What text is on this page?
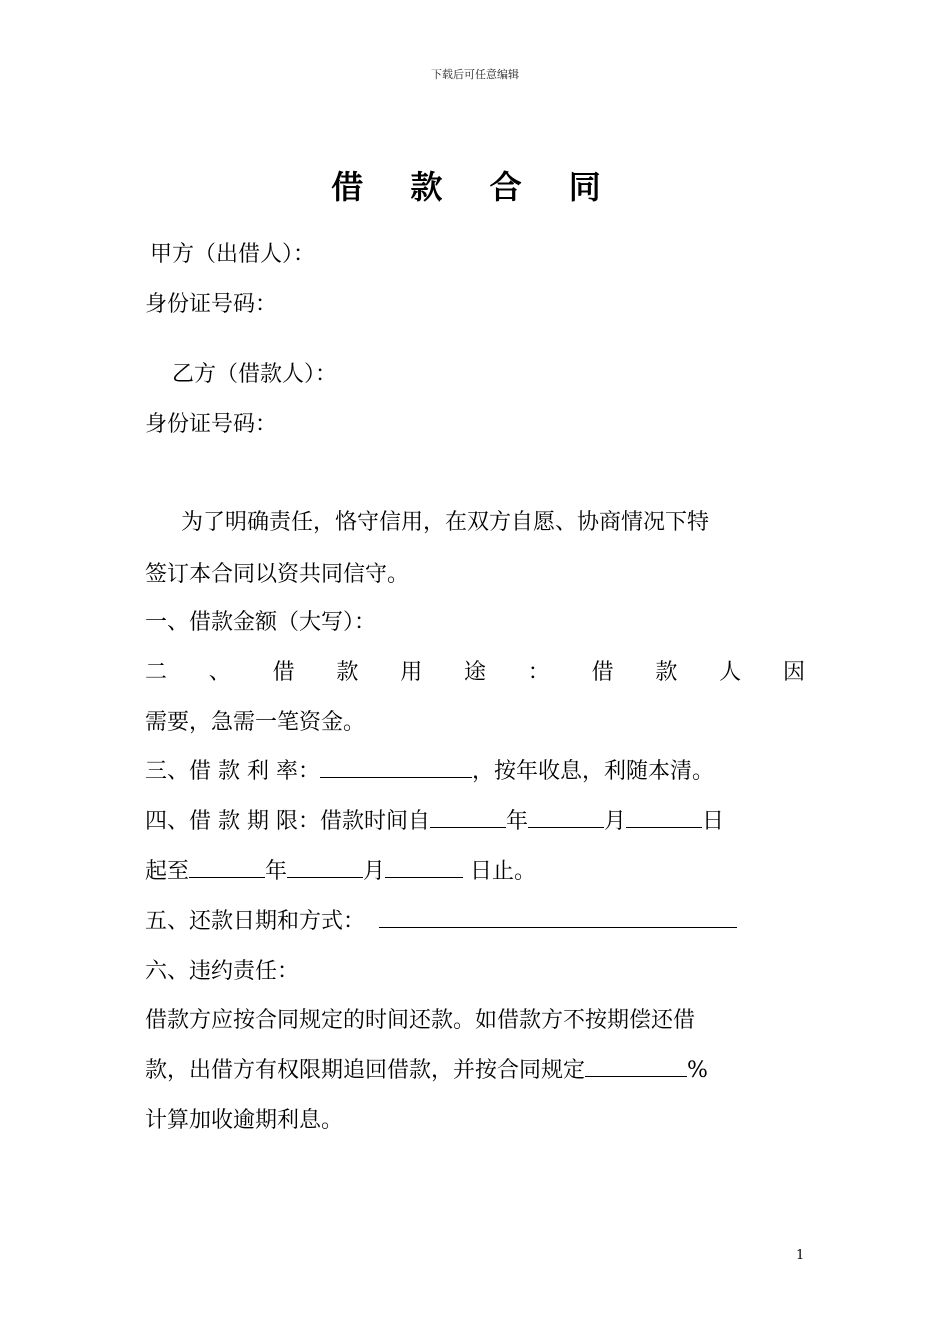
下载后可任意编辑
借 款 合 同
甲方（出借人）：
身份证号码：
乙方（借款人）：
身份证号码：
为了明确责任，恪守信用，在双方自愿、协商情况下特
签订本合同以资共同信守。
一、借款金额（大写）：
二 、 借 款 用 途 ： 借 款 人 因
需要，急需一笔资金。
三、借 款 利 率：	，按年收息，利随本清。
四、借 款 期 限：借款时间自	年	月	日
起至	年	月	日止。
五、还款日期和方式：
六、违约责任：
借款方应按合同规定的时间还款。如借款方不按期偿还借
款，出借方有权限期追回借款，并按合同规定	%
计算加收逾期利息。
1
